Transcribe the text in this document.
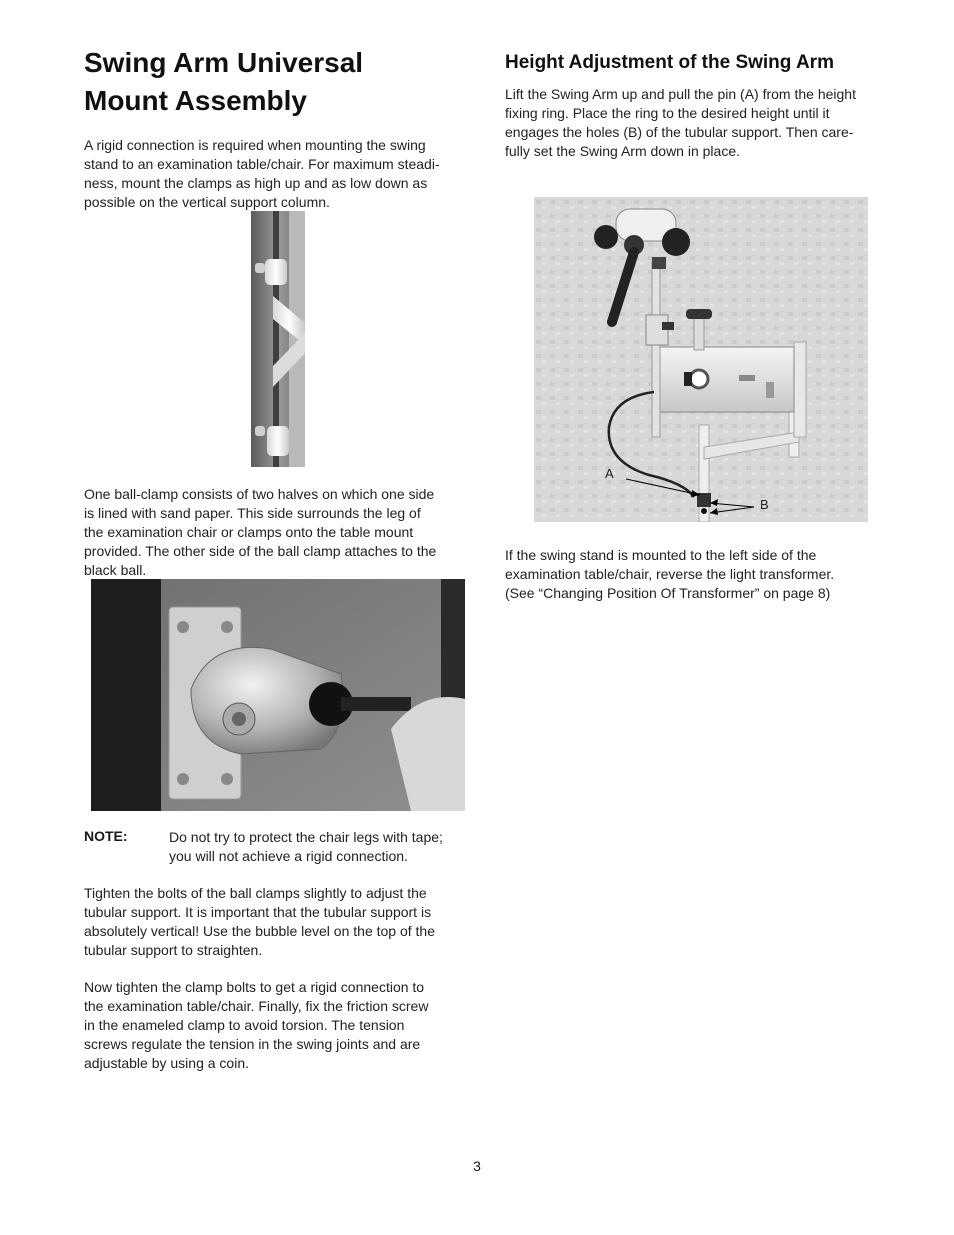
Swing Arm Universal
Mount Assembly

A rigid connection is required when mounting the swing
stand to an examination table/chair. For maximum steadi-
ness, mount the clamps as high up and as low down as
possible on the vertical support column.

One ball-clamp consists of two halves on which one side
is lined with sand paper. This side surrounds the leg of
the examination chair or clamps onto the table mount
provided. The other side of the ball clamp attaches to the
black ball.

NOTE:	Do not try to protect the chair legs with tape;
you will not achieve a rigid connection.

Tighten the bolts of the ball clamps slightly to adjust the
tubular support. It is important that the tubular support is
absolutely vertical! Use the bubble level on the top of the
tubular support to straighten.

Now tighten the clamp bolts to get a rigid connection to
the examination table/chair. Finally, fix the friction screw
in the enameled clamp to avoid torsion. The tension
screws regulate the tension in the swing joints and are
adjustable by using a coin.

Height Adjustment of the Swing Arm

Lift the Swing Arm up and pull the pin (A) from the height
fixing ring. Place the ring to the desired height until it
engages the holes (B) of the tubular support. Then care-
fully set the Swing Arm down in place.

A
B

If the swing stand is mounted to the left side of the
examination table/chair, reverse the light transformer.
(See “Changing Position Of Transformer” on page 8)

3
